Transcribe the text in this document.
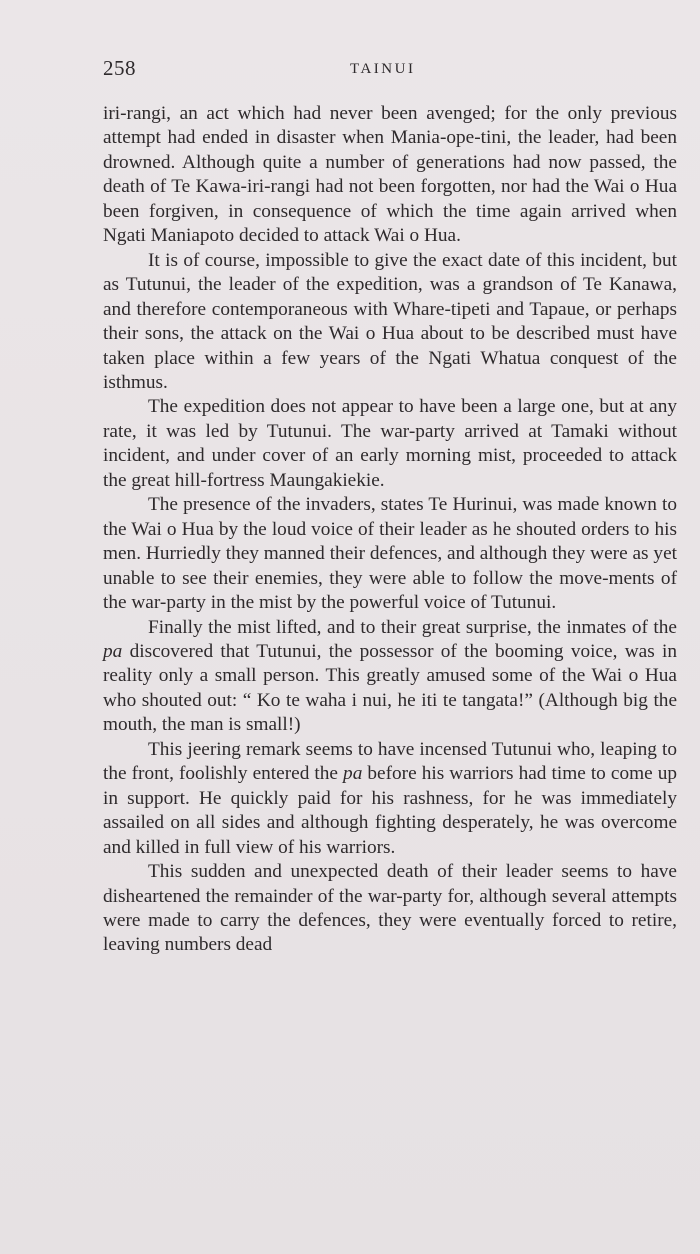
258	TAINUI

iri-rangi, an act which had never been avenged; for the only previous attempt had ended in disaster when Mania-ope-tini, the leader, had been drowned. Although quite a number of generations had now passed, the death of Te Kawa-iri-rangi had not been forgotten, nor had the Wai o Hua been forgiven, in consequence of which the time again arrived when Ngati Maniapoto decided to attack Wai o Hua.

It is of course, impossible to give the exact date of this incident, but as Tutunui, the leader of the expedition, was a grandson of Te Kanawa, and therefore contemporaneous with Whare-tipeti and Tapaue, or perhaps their sons, the attack on the Wai o Hua about to be described must have taken place within a few years of the Ngati Whatua conquest of the isthmus.

The expedition does not appear to have been a large one, but at any rate, it was led by Tutunui. The war-party arrived at Tamaki without incident, and under cover of an early morning mist, proceeded to attack the great hill-fortress Maungakiekie.

The presence of the invaders, states Te Hurinui, was made known to the Wai o Hua by the loud voice of their leader as he shouted orders to his men. Hurriedly they manned their defences, and although they were as yet unable to see their enemies, they were able to follow the move-ments of the war-party in the mist by the powerful voice of Tutunui.

Finally the mist lifted, and to their great surprise, the inmates of the pa discovered that Tutunui, the possessor of the booming voice, was in reality only a small person. This greatly amused some of the Wai o Hua who shouted out: “ Ko te waha i nui, he iti te tangata!” (Although big the mouth, the man is small!)

This jeering remark seems to have incensed Tutunui who, leaping to the front, foolishly entered the pa before his warriors had time to come up in support. He quickly paid for his rashness, for he was immediately assailed on all sides and although fighting desperately, he was overcome and killed in full view of his warriors.

This sudden and unexpected death of their leader seems to have disheartened the remainder of the war-party for, although several attempts were made to carry the defences, they were eventually forced to retire, leaving numbers dead
